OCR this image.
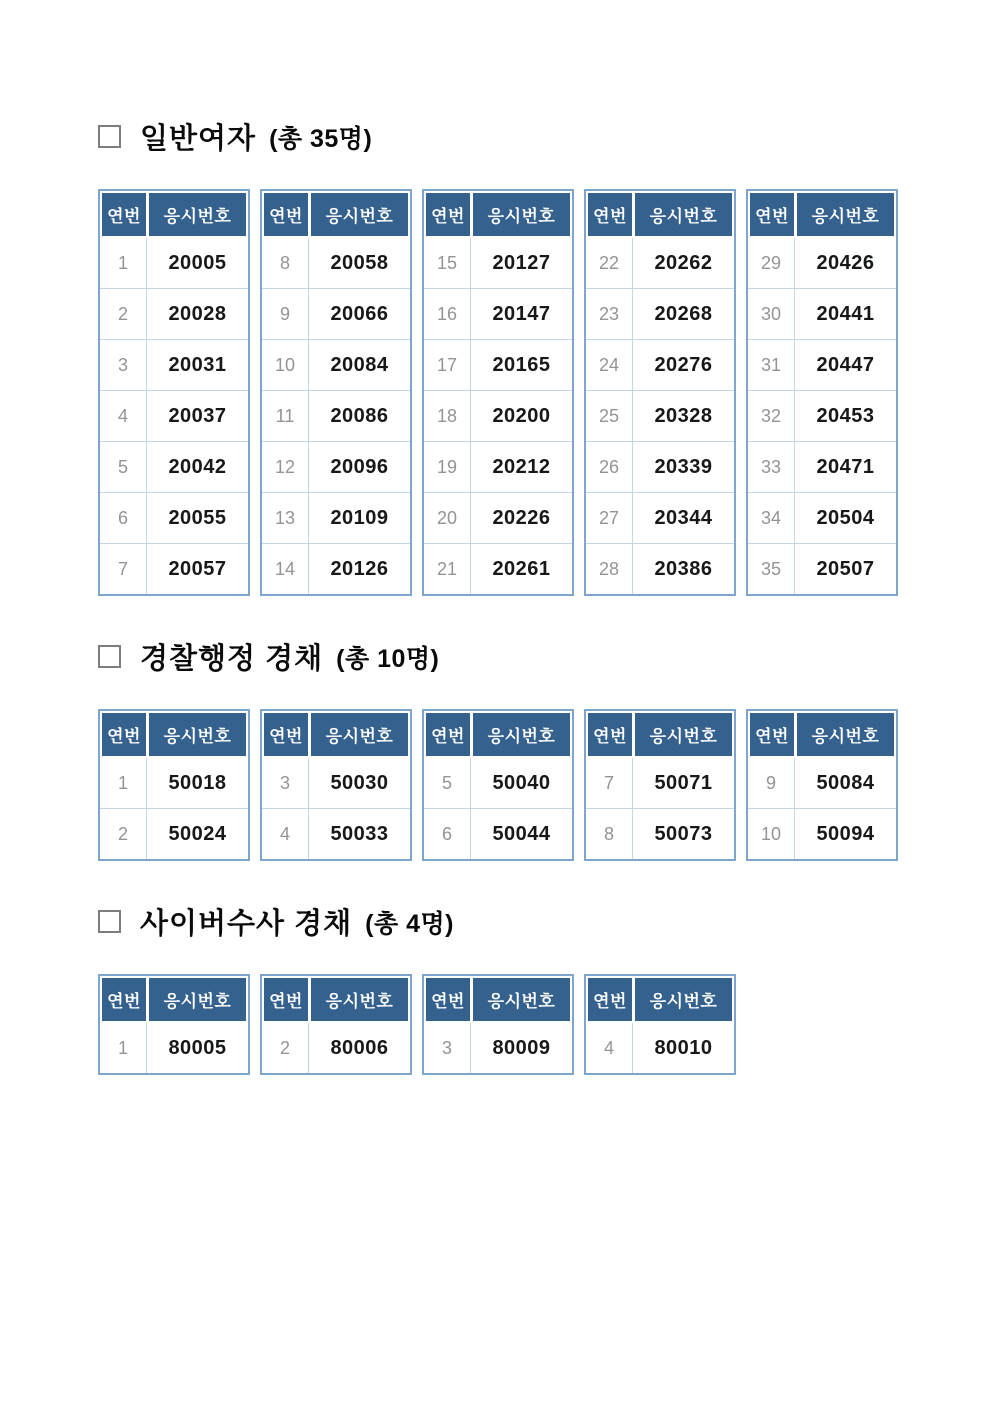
일반여자 (총 35명)
연번	응시번호
1	20005
2	20028
3	20031
4	20037
5	20042
6	20055
7	20057
연번	응시번호
8	20058
9	20066
10	20084
11	20086
12	20096
13	20109
14	20126
연번	응시번호
15	20127
16	20147
17	20165
18	20200
19	20212
20	20226
21	20261
연번	응시번호
22	20262
23	20268
24	20276
25	20328
26	20339
27	20344
28	20386
연번	응시번호
29	20426
30	20441
31	20447
32	20453
33	20471
34	20504
35	20507
경찰행정 경채 (총 10명)
연번	응시번호
1	50018
2	50024
연번	응시번호
3	50030
4	50033
연번	응시번호
5	50040
6	50044
연번	응시번호
7	50071
8	50073
연번	응시번호
9	50084
10	50094
사이버수사 경채 (총 4명)
연번	응시번호
1	80005
연번	응시번호
2	80006
연번	응시번호
3	80009
연번	응시번호
4	80010
